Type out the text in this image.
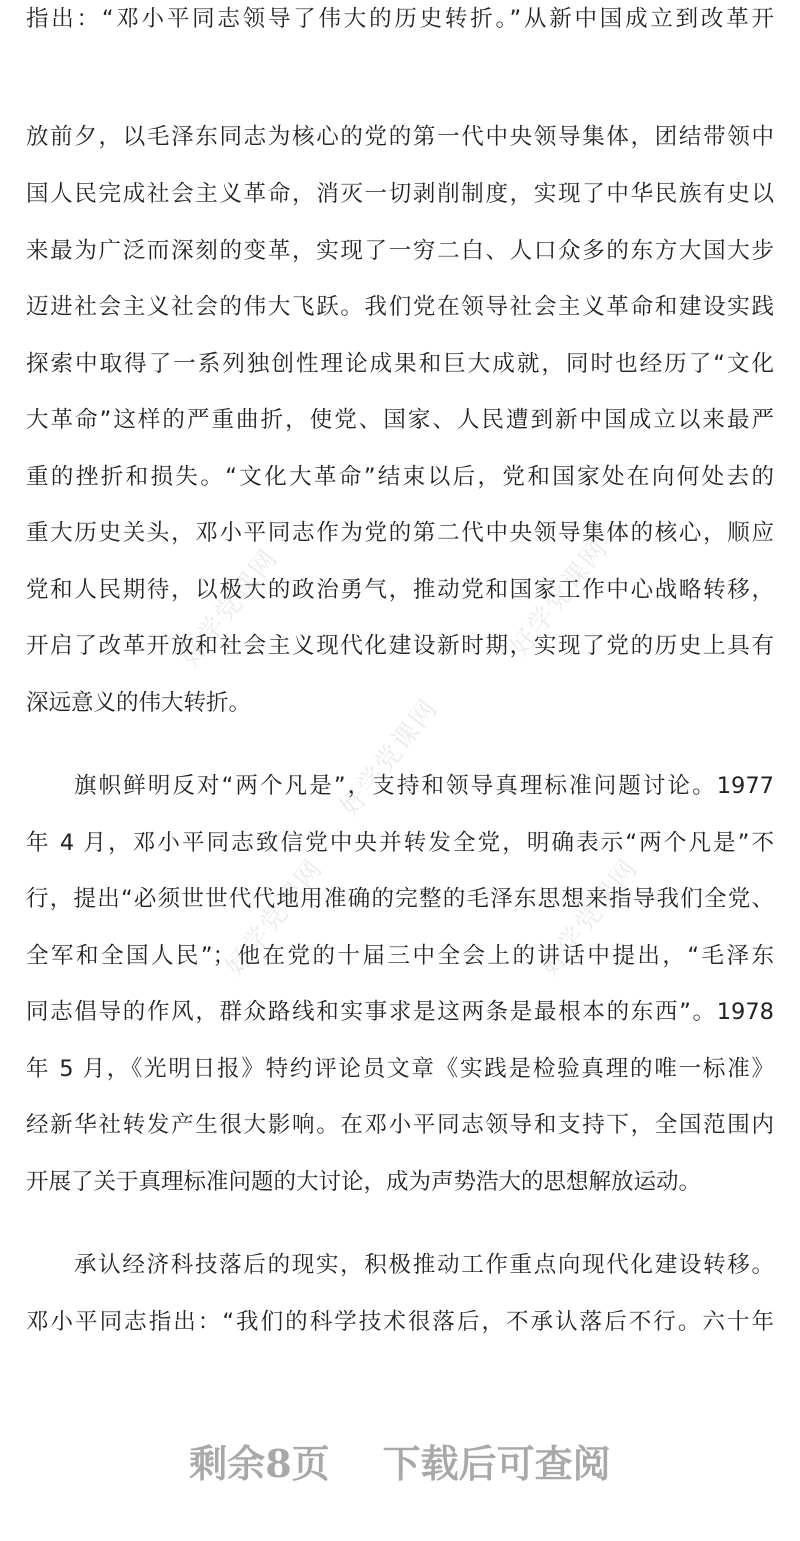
好学党课网	好学党课网
好学党课网
好学党课网	好学党课网
指出：“邓小平同志领导了伟大的历史转折。”从新中国成立到改革开
放前夕，以毛泽东同志为核心的党的第一代中央领导集体，团结带领中
国人民完成社会主义革命，消灭一切剥削制度，实现了中华民族有史以
来最为广泛而深刻的变革，实现了一穷二白、人口众多的东方大国大步
迈进社会主义社会的伟大飞跃。我们党在领导社会主义革命和建设实践
探索中取得了一系列独创性理论成果和巨大成就，同时也经历了“文化
大革命”这样的严重曲折，使党、国家、人民遭到新中国成立以来最严
重的挫折和损失。“文化大革命”结束以后，党和国家处在向何处去的
重大历史关头，邓小平同志作为党的第二代中央领导集体的核心，顺应
党和人民期待，以极大的政治勇气，推动党和国家工作中心战略转移，
开启了改革开放和社会主义现代化建设新时期，实现了党的历史上具有
深远意义的伟大转折。
旗帜鲜明反对“两个凡是”，支持和领导真理标准问题讨论。1977
年 4 月，邓小平同志致信党中央并转发全党，明确表示“两个凡是”不
行，提出“必须世世代代地用准确的完整的毛泽东思想来指导我们全党、
全军和全国人民”；他在党的十届三中全会上的讲话中提出，“毛泽东
同志倡导的作风，群众路线和实事求是这两条是最根本的东西”。1978
年 5 月，《光明日报》特约评论员文章《实践是检验真理的唯一标准》
经新华社转发产生很大影响。在邓小平同志领导和支持下，全国范围内
开展了关于真理标准问题的大讨论，成为声势浩大的思想解放运动。
承认经济科技落后的现实，积极推动工作重点向现代化建设转移。
邓小平同志指出：“我们的科学技术很落后，不承认落后不行。六十年
剩余8页 下载后可查阅
